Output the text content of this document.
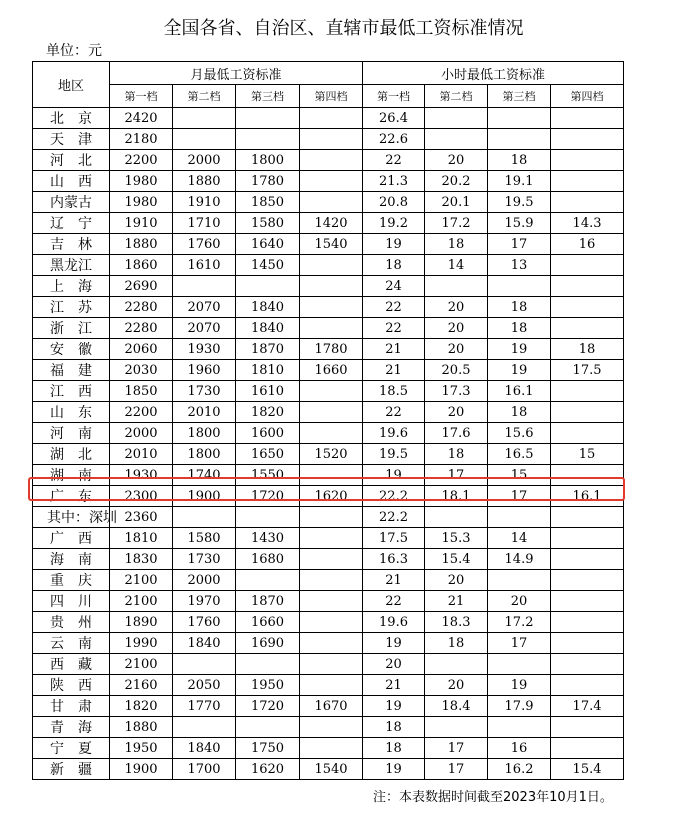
全国各省、自治区、直辖市最低工资标准情况
单位：元
地区	月最低工资标准				小时最低工资标准			
	第一档	第二档	第三档	第四档	第一档	第二档	第三档	第四档
北　京	2420				26.4			
天　津	2180				22.6			
河　北	2200	2000	1800		22	20	18	
山　西	1980	1880	1780		21.3	20.2	19.1	
内蒙古	1980	1910	1850		20.8	20.1	19.5	
辽　宁	1910	1710	1580	1420	19.2	17.2	15.9	14.3
吉　林	1880	1760	1640	1540	19	18	17	16
黑龙江	1860	1610	1450		18	14	13	
上　海	2690				24			
江　苏	2280	2070	1840		22	20	18	
浙　江	2280	2070	1840		22	20	18	
安　徽	2060	1930	1870	1780	21	20	19	18
福　建	2030	1960	1810	1660	21	20.5	19	17.5
江　西	1850	1730	1610		18.5	17.3	16.1	
山　东	2200	2010	1820		22	20	18	
河　南	2000	1800	1600		19.6	17.6	15.6	
湖　北	2010	1800	1650	1520	19.5	18	16.5	15
湖　南	1930	1740	1550		19	17	15	
广　东	2300	1900	1720	1620	22.2	18.1	17	16.1
其中：深圳	2360				22.2			
广　西	1810	1580	1430		17.5	15.3	14	
海　南	1830	1730	1680		16.3	15.4	14.9	
重　庆	2100	2000			21	20		
四　川	2100	1970	1870		22	21	20	
贵　州	1890	1760	1660		19.6	18.3	17.2	
云　南	1990	1840	1690		19	18	17	
西　藏	2100				20			
陕　西	2160	2050	1950		21	20	19	
甘　肃	1820	1770	1720	1670	19	18.4	17.9	17.4
青　海	1880				18			
宁　夏	1950	1840	1750		18	17	16	
新　疆	1900	1700	1620	1540	19	17	16.2	15.4
注：本表数据时间截至2023年10月1日。
